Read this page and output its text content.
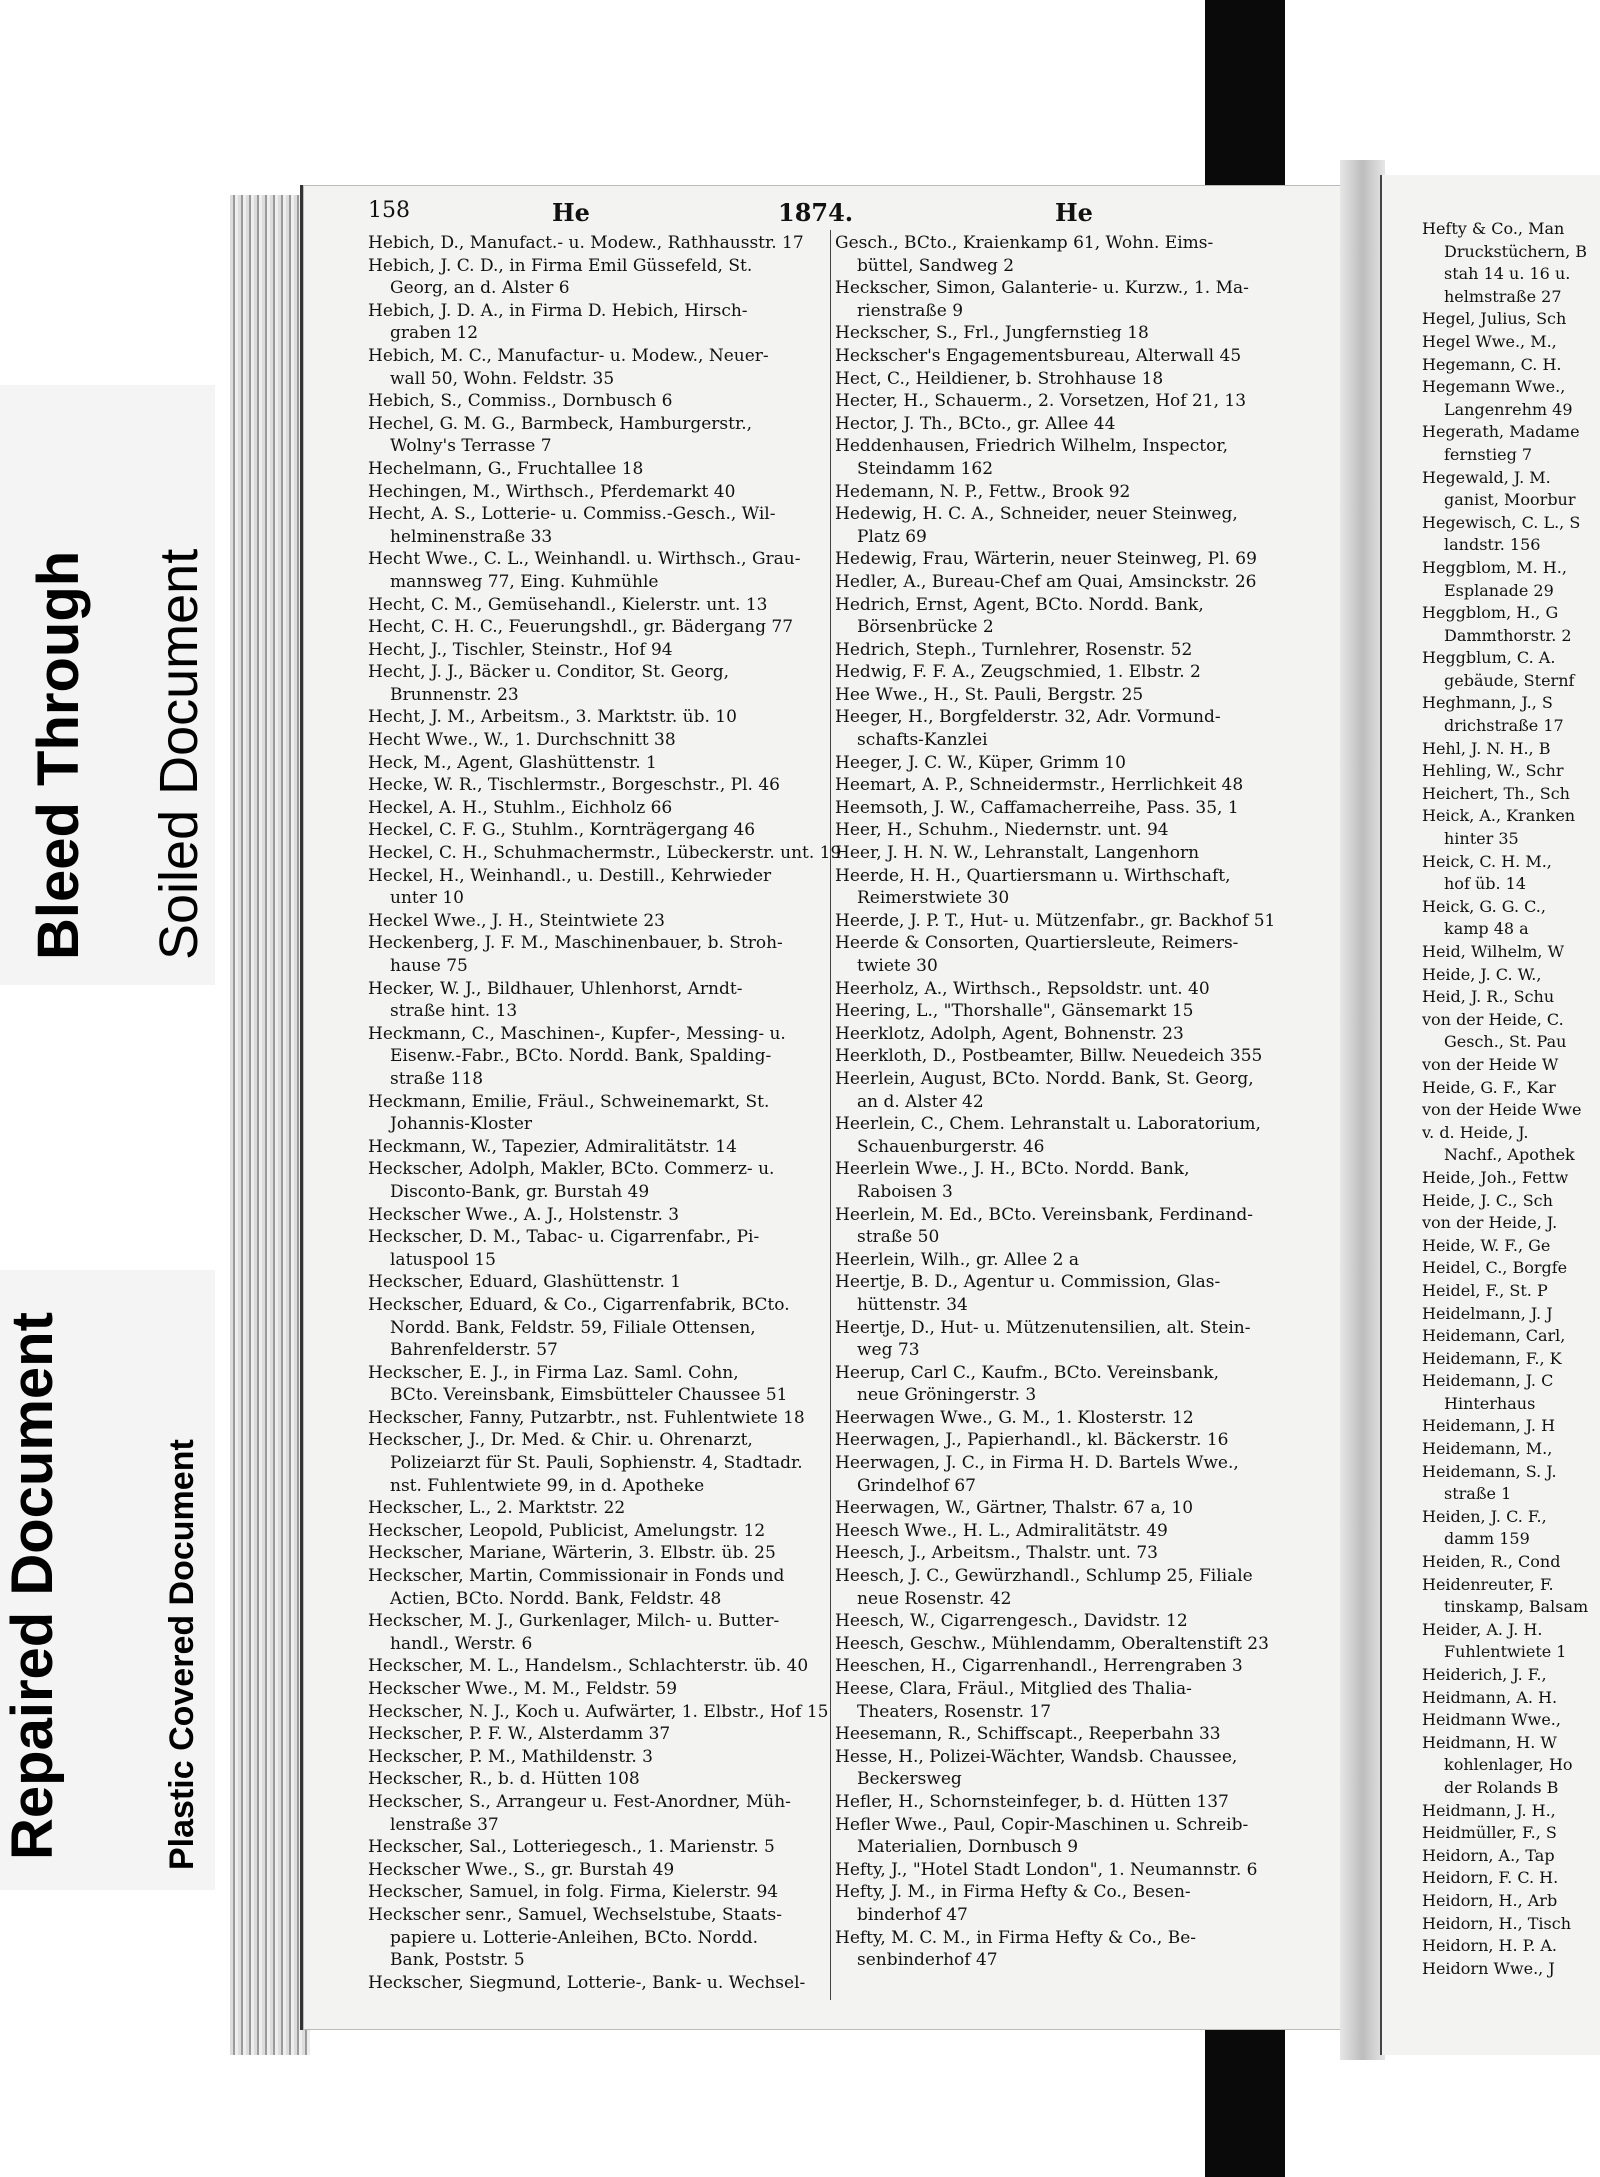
Bleed Through Soiled Document
Repaired Document	Plastic Covered Document
158	He	1874.	He
Hebich, D., Manufact.- u. Modew., Rathhausstr. 17
Hebich, J. C. D., in Firma Emil Güssefeld, St.
Georg, an d. Alster 6
Hebich, J. D. A., in Firma D. Hebich, Hirsch-
graben 12
Hebich, M. C., Manufactur- u. Modew., Neuer-
wall 50, Wohn. Feldstr. 35
Hebich, S., Commiss., Dornbusch 6
Hechel, G. M. G., Barmbeck, Hamburgerstr.,
Wolny's Terrasse 7
Hechelmann, G., Fruchtallee 18
Hechingen, M., Wirthsch., Pferdemarkt 40
Hecht, A. S., Lotterie- u. Commiss.-Gesch., Wil-
helminenstraße 33
Hecht Wwe., C. L., Weinhandl. u. Wirthsch., Grau-
mannsweg 77, Eing. Kuhmühle
Hecht, C. M., Gemüsehandl., Kielerstr. unt. 13
Hecht, C. H. C., Feuerungshdl., gr. Bädergang 77
Hecht, J., Tischler, Steinstr., Hof 94
Hecht, J. J., Bäcker u. Conditor, St. Georg,
Brunnenstr. 23
Hecht, J. M., Arbeitsm., 3. Marktstr. üb. 10
Hecht Wwe., W., 1. Durchschnitt 38
Heck, M., Agent, Glashüttenstr. 1
Hecke, W. R., Tischlermstr., Borgeschstr., Pl. 46
Heckel, A. H., Stuhlm., Eichholz 66
Heckel, C. F. G., Stuhlm., Kornträgergang 46
Heckel, C. H., Schuhmachermstr., Lübeckerstr. unt. 19
Heckel, H., Weinhandl., u. Destill., Kehrwieder
unter 10
Heckel Wwe., J. H., Steintwiete 23
Heckenberg, J. F. M., Maschinenbauer, b. Stroh-
hause 75
Hecker, W. J., Bildhauer, Uhlenhorst, Arndt-
straße hint. 13
Heckmann, C., Maschinen-, Kupfer-, Messing- u.
Eisenw.-Fabr., BCto. Nordd. Bank, Spalding-
straße 118
Heckmann, Emilie, Fräul., Schweinemarkt, St.
Johannis-Kloster
Heckmann, W., Tapezier, Admiralitätstr. 14
Heckscher, Adolph, Makler, BCto. Commerz- u.
Disconto-Bank, gr. Burstah 49
Heckscher Wwe., A. J., Holstenstr. 3
Heckscher, D. M., Tabac- u. Cigarrenfabr., Pi-
latuspool 15
Heckscher, Eduard, Glashüttenstr. 1
Heckscher, Eduard, & Co., Cigarrenfabrik, BCto.
Nordd. Bank, Feldstr. 59, Filiale Ottensen,
Bahrenfelderstr. 57
Heckscher, E. J., in Firma Laz. Saml. Cohn,
BCto. Vereinsbank, Eimsbütteler Chaussee 51
Heckscher, Fanny, Putzarbtr., nst. Fuhlentwiete 18
Heckscher, J., Dr. Med. & Chir. u. Ohrenarzt,
Polizeiarzt für St. Pauli, Sophienstr. 4, Stadtadr.
nst. Fuhlentwiete 99, in d. Apotheke
Heckscher, L., 2. Marktstr. 22
Heckscher, Leopold, Publicist, Amelungstr. 12
Heckscher, Mariane, Wärterin, 3. Elbstr. üb. 25
Heckscher, Martin, Commissionair in Fonds und
Actien, BCto. Nordd. Bank, Feldstr. 48
Heckscher, M. J., Gurkenlager, Milch- u. Butter-
handl., Werstr. 6
Heckscher, M. L., Handelsm., Schlachterstr. üb. 40
Heckscher Wwe., M. M., Feldstr. 59
Heckscher, N. J., Koch u. Aufwärter, 1. Elbstr., Hof 15
Heckscher, P. F. W., Alsterdamm 37
Heckscher, P. M., Mathildenstr. 3
Heckscher, R., b. d. Hütten 108
Heckscher, S., Arrangeur u. Fest-Anordner, Müh-
lenstraße 37
Heckscher, Sal., Lotteriegesch., 1. Marienstr. 5
Heckscher Wwe., S., gr. Burstah 49
Heckscher, Samuel, in folg. Firma, Kielerstr. 94
Heckscher senr., Samuel, Wechselstube, Staats-
papiere u. Lotterie-Anleihen, BCto. Nordd.
Bank, Poststr. 5
Heckscher, Siegmund, Lotterie-, Bank- u. Wechsel-
Gesch., BCto., Kraienkamp 61, Wohn. Eims-
büttel, Sandweg 2
Heckscher, Simon, Galanterie- u. Kurzw., 1. Ma-
rienstraße 9
Heckscher, S., Frl., Jungfernstieg 18
Heckscher's Engagementsbureau, Alterwall 45
Hect, C., Heildiener, b. Strohhause 18
Hecter, H., Schauerm., 2. Vorsetzen, Hof 21, 13
Hector, J. Th., BCto., gr. Allee 44
Heddenhausen, Friedrich Wilhelm, Inspector,
Steindamm 162
Hedemann, N. P., Fettw., Brook 92
Hedewig, H. C. A., Schneider, neuer Steinweg,
Platz 69
Hedewig, Frau, Wärterin, neuer Steinweg, Pl. 69
Hedler, A., Bureau-Chef am Quai, Amsinckstr. 26
Hedrich, Ernst, Agent, BCto. Nordd. Bank,
Börsenbrücke 2
Hedrich, Steph., Turnlehrer, Rosenstr. 52
Hedwig, F. F. A., Zeugschmied, 1. Elbstr. 2
Hee Wwe., H., St. Pauli, Bergstr. 25
Heeger, H., Borgfelderstr. 32, Adr. Vormund-
schafts-Kanzlei
Heeger, J. C. W., Küper, Grimm 10
Heemart, A. P., Schneidermstr., Herrlichkeit 48
Heemsoth, J. W., Caffamacherreihe, Pass. 35, 1
Heer, H., Schuhm., Niedernstr. unt. 94
Heer, J. H. N. W., Lehranstalt, Langenhorn
Heerde, H. H., Quartiersmann u. Wirthschaft,
Reimerstwiete 30
Heerde, J. P. T., Hut- u. Mützenfabr., gr. Backhof 51
Heerde & Consorten, Quartiersleute, Reimers-
twiete 30
Heerholz, A., Wirthsch., Repsoldstr. unt. 40
Heering, L., "Thorshalle", Gänsemarkt 15
Heerklotz, Adolph, Agent, Bohnenstr. 23
Heerkloth, D., Postbeamter, Billw. Neuedeich 355
Heerlein, August, BCto. Nordd. Bank, St. Georg,
an d. Alster 42
Heerlein, C., Chem. Lehranstalt u. Laboratorium,
Schauenburgerstr. 46
Heerlein Wwe., J. H., BCto. Nordd. Bank,
Raboisen 3
Heerlein, M. Ed., BCto. Vereinsbank, Ferdinand-
straße 50
Heerlein, Wilh., gr. Allee 2 a
Heertje, B. D., Agentur u. Commission, Glas-
hüttenstr. 34
Heertje, D., Hut- u. Mützenutensilien, alt. Stein-
weg 73
Heerup, Carl C., Kaufm., BCto. Vereinsbank,
neue Gröningerstr. 3
Heerwagen Wwe., G. M., 1. Klosterstr. 12
Heerwagen, J., Papierhandl., kl. Bäckerstr. 16
Heerwagen, J. C., in Firma H. D. Bartels Wwe.,
Grindelhof 67
Heerwagen, W., Gärtner, Thalstr. 67 a, 10
Heesch Wwe., H. L., Admiralitätstr. 49
Heesch, J., Arbeitsm., Thalstr. unt. 73
Heesch, J. C., Gewürzhandl., Schlump 25, Filiale
neue Rosenstr. 42
Heesch, W., Cigarrengesch., Davidstr. 12
Heesch, Geschw., Mühlendamm, Oberaltenstift 23
Heeschen, H., Cigarrenhandl., Herrengraben 3
Heese, Clara, Fräul., Mitglied des Thalia-
Theaters, Rosenstr. 17
Heesemann, R., Schiffscapt., Reeperbahn 33
Hesse, H., Polizei-Wächter, Wandsb. Chaussee,
Beckersweg
Hefler, H., Schornsteinfeger, b. d. Hütten 137
Hefler Wwe., Paul, Copir-Maschinen u. Schreib-
Materialien, Dornbusch 9
Hefty, J., "Hotel Stadt London", 1. Neumannstr. 6
Hefty, J. M., in Firma Hefty & Co., Besen-
binderhof 47
Hefty, M. C. M., in Firma Hefty & Co., Be-
senbinderhof 47
Hefty & Co., Man
Druckstüchern, B
stah 14 u. 16 u.
helmstraße 27
Hegel, Julius, Sch
Hegel Wwe., M.,
Hegemann, C. H.
Hegemann Wwe.,
Langenrehm 49
Hegerath, Madame
fernstieg 7
Hegewald, J. M.
ganist, Moorbur
Hegewisch, C. L., S
landstr. 156
Heggblom, M. H.,
Esplanade 29
Heggblom, H., G
Dammthorstr. 2
Heggblum, C. A.
gebäude, Sternf
Heghmann, J., S
drichstraße 17
Hehl, J. N. H., B
Hehling, W., Schr
Heichert, Th., Sch
Heick, A., Kranken
hinter 35
Heick, C. H. M.,
hof üb. 14
Heick, G. G. C.,
kamp 48 a
Heid, Wilhelm, W
Heide, J. C. W.,
Heid, J. R., Schu
von der Heide, C.
Gesch., St. Pau
von der Heide W
Heide, G. F., Kar
von der Heide Wwe
v. d. Heide, J.
Nachf., Apothek
Heide, Joh., Fettw
Heide, J. C., Sch
von der Heide, J.
Heide, W. F., Ge
Heidel, C., Borgfe
Heidel, F., St. P
Heidelmann, J. J
Heidemann, Carl,
Heidemann, F., K
Heidemann, J. C
Hinterhaus
Heidemann, J. H
Heidemann, M.,
Heidemann, S. J.
straße 1
Heiden, J. C. F.,
damm 159
Heiden, R., Cond
Heidenreuter, F.
tinskamp, Balsam
Heider, A. J. H.
Fuhlentwiete 1
Heiderich, J. F.,
Heidmann, A. H.
Heidmann Wwe.,
Heidmann, H. W
kohlenlager, Ho
der Rolands B
Heidmann, J. H.,
Heidmüller, F., S
Heidorn, A., Tap
Heidorn, F. C. H.
Heidorn, H., Arb
Heidorn, H., Tisch
Heidorn, H. P. A.
Heidorn Wwe., J
